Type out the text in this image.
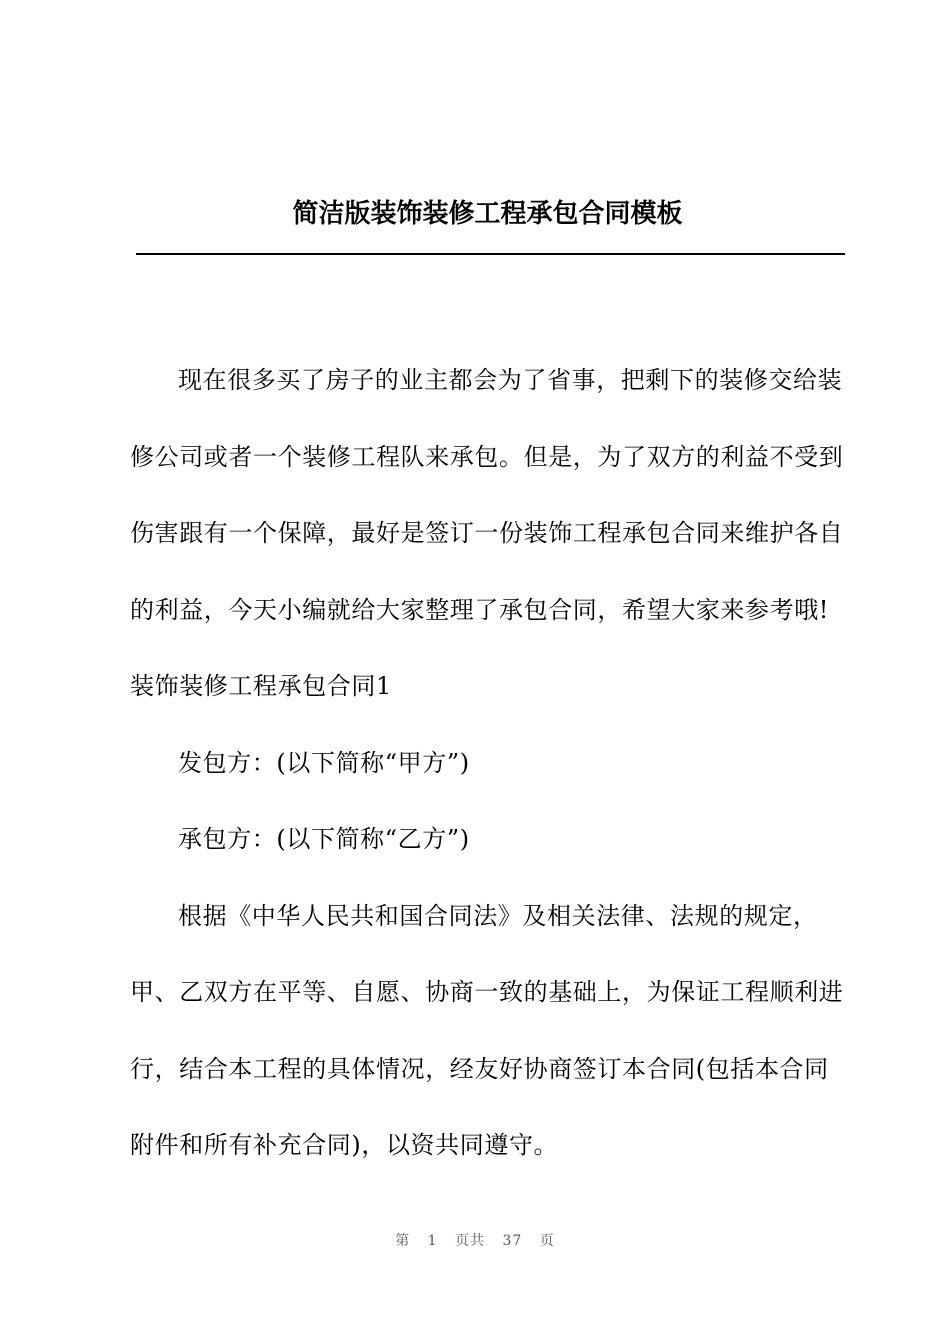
简洁版装饰装修工程承包合同模板

现在很多买了房子的业主都会为了省事，把剩下的装修交给装修公司或者一个装修工程队来承包。但是，为了双方的利益不受到伤害跟有一个保障，最好是签订一份装饰工程承包合同来维护各自的利益，今天小编就给大家整理了承包合同，希望大家来参考哦!装饰装修工程承包合同1

发包方：(以下简称“甲方”)

承包方：(以下简称“乙方”)

根据《中华人民共和国合同法》及相关法律、法规的规定，甲、乙双方在平等、自愿、协商一致的基础上，为保证工程顺利进行，结合本工程的具体情况，经友好协商签订本合同(包括本合同附件和所有补充合同)，以资共同遵守。

第 1 页共 37 页
